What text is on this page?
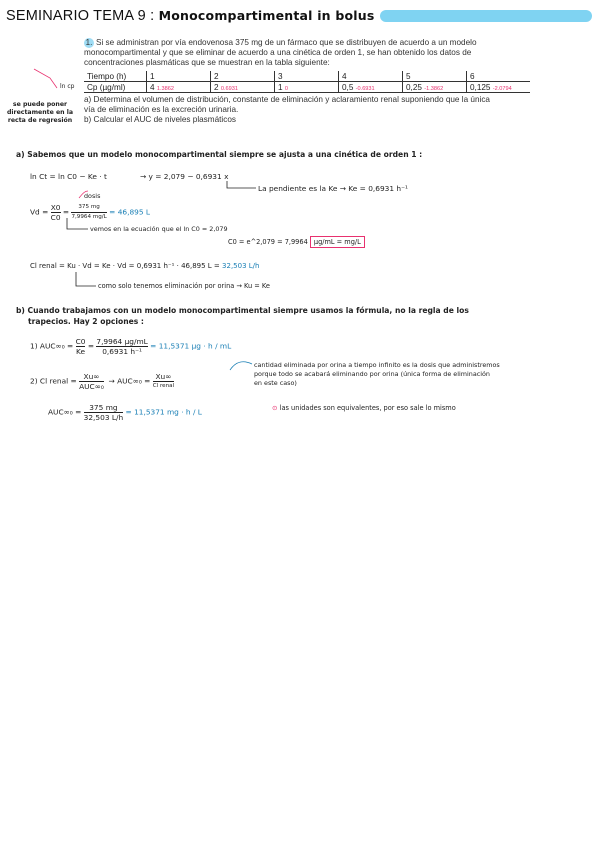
SEMINARIO TEMA 9 : Monocompartimental in bolus
1. Si se administran por vía endovenosa 375 mg de un fármaco que se distribuyen de acuerdo a un modelo
monocompartimental y que se eliminar de acuerdo a una cinética de orden 1, se han obtenido los datos de
concentraciones plasmáticas que se muestran en la tabla siguiente:
Tiempo (h)	1	2	3	4	5	6
Cp (µg/ml)	4 1.3862	2 0.6931	1 0	0,5 -0.6931	0,25 -1.3862	0,125 -2.0794
ln cp
se puede poner directamente en la recta de regresión
a) Determina el volumen de distribución, constante de eliminación y aclaramiento renal suponiendo que la única
vía de eliminación es la excreción urinaria.
b) Calcular el AUC de niveles plasmáticos
a) Sabemos que un modelo monocompartimental siempre se ajusta a una cinética de orden 1 :
ln Ct = ln C0 − Ke · t	→ y = 2,079 − 0,6931 x
La pendiente es la Ke → Ke = 0,6931 h⁻¹
dosis
$Vd = \frac{X0}{C0} = \frac{375 mg}{7,9964 mg/L} = 46,895$ L
vemos en la ecuación que el ln C0 = 2,079
C0 = e^2,079 = 7,9964 µg/mL = mg/L
Cl renal = Ku · Vd = Ke · Vd = 0,6931 h⁻¹ · 46,895 L = 32,503 L/h
como solo tenemos eliminación por orina → Ku = Ke
b) Cuando trabajamos con un modelo monocompartimental siempre usamos la fórmula, no la regla de los
trapecios. Hay 2 opciones :
1) $AUC\infty_0 = \frac{C0}{Ke} = \frac{\text{7,9964 µg/mL}}{\text{0,6931 h⁻¹}} = 11,5371$ µg · h / mL
2) Cl renal = $\frac{Xu\infty}{\text{AUC∞₀}} \to AUC\infty_0 = \frac{Xu\infty}{\text{Cl renal}}$
cantidad eliminada por orina a tiempo infinito es la dosis que administremos
porque todo se acabará eliminando por orina (única forma de eliminación
en este caso)
$AUC\infty_0 = \frac{375 mg}{32,503 L/h} = 11,5371$ mg · h / L	⊙ las unidades son equivalentes, por eso sale lo mismo
